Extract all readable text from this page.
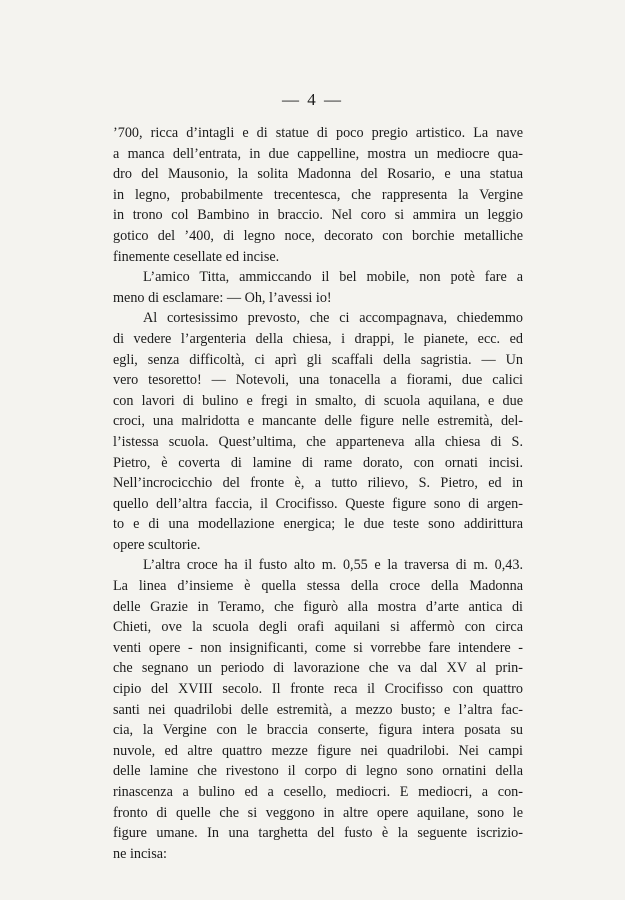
— 4 —
’700, ricca d’intagli e di statue di poco pregio artistico. La nave
a manca dell’entrata, in due cappelline, mostra un mediocre qua-
dro del Mausonio, la solita Madonna del Rosario, e una statua
in legno, probabilmente trecentesca, che rappresenta la Vergine
in trono col Bambino in braccio. Nel coro si ammira un leggio
gotico del ’400, di legno noce, decorato con borchie metalliche
finemente cesellate ed incise.
L’amico Titta, ammiccando il bel mobile, non potè fare a
meno di esclamare: — Oh, l’avessi io!
Al cortesissimo prevosto, che ci accompagnava, chiedemmo
di vedere l’argenteria della chiesa, i drappi, le pianete, ecc. ed
egli, senza difficoltà, ci aprì gli scaffali della sagristia. — Un
vero tesoretto! — Notevoli, una tonacella a fiorami, due calici
con lavori di bulino e fregi in smalto, di scuola aquilana, e due
croci, una malridotta e mancante delle figure nelle estremità, del-
l’istessa scuola. Quest’ultima, che apparteneva alla chiesa di S.
Pietro, è coverta di lamine di rame dorato, con ornati incisi.
Nell’incrocicchio del fronte è, a tutto rilievo, S. Pietro, ed in
quello dell’altra faccia, il Crocifisso. Queste figure sono di argen-
to e di una modellazione energica; le due teste sono addirittura
opere scultorie.
L’altra croce ha il fusto alto m. 0,55 e la traversa di m. 0,43.
La linea d’insieme è quella stessa della croce della Madonna
delle Grazie in Teramo, che figurò alla mostra d’arte antica di
Chieti, ove la scuola degli orafi aquilani si affermò con circa
venti opere - non insignificanti, come si vorrebbe fare intendere -
che segnano un periodo di lavorazione che va dal XV al prin-
cipio del XVIII secolo. Il fronte reca il Crocifisso con quattro
santi nei quadrilobi delle estremità, a mezzo busto; e l’altra fac-
cia, la Vergine con le braccia conserte, figura intera posata su
nuvole, ed altre quattro mezze figure nei quadrilobi. Nei campi
delle lamine che rivestono il corpo di legno sono ornatini della
rinascenza a bulino ed a cesello, mediocri. E mediocri, a con-
fronto di quelle che si veggono in altre opere aquilane, sono le
figure umane. In una targhetta del fusto è la seguente iscrizio-
ne incisa:
